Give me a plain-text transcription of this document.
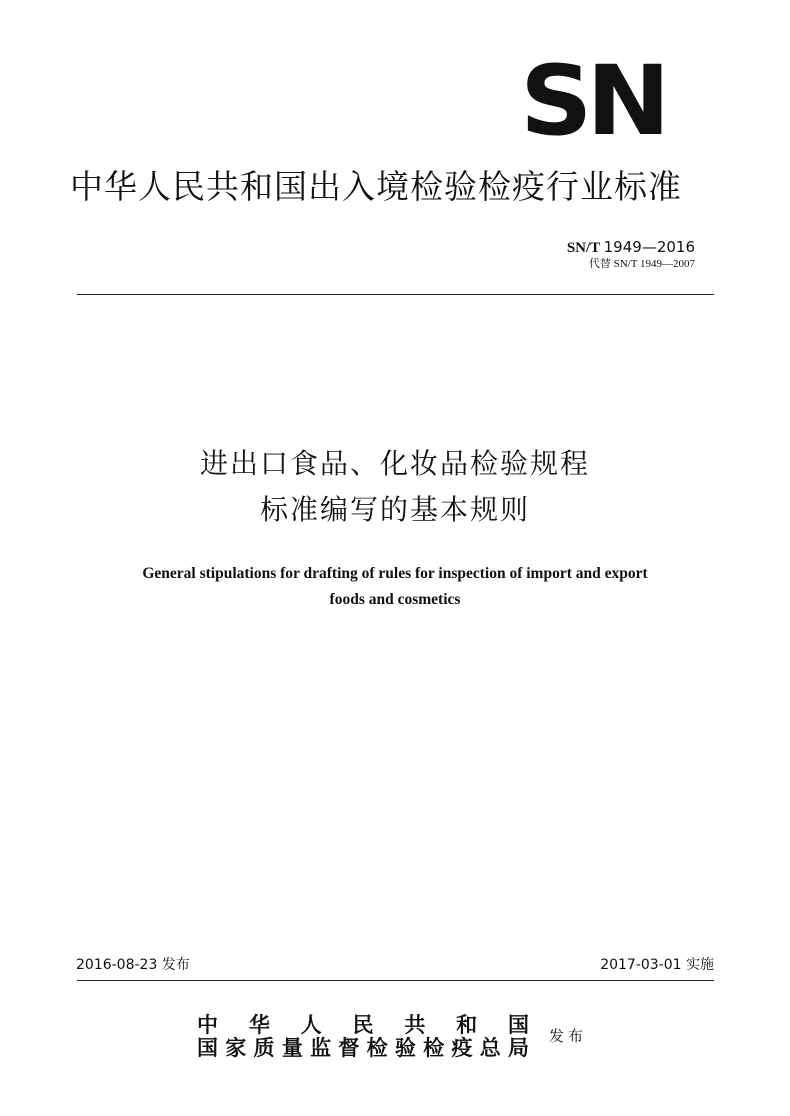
SN
中华人民共和国出入境检验检疫行业标准
SN/T 1949—2016
代替 SN/T 1949—2007
进出口食品、化妆品检验规程
标准编写的基本规则
General stipulations for drafting of rules for inspection of import and export
foods and cosmetics
2016-08-23 发布	2017-03-01 实施
中华人民共和国
国家质量监督检验检疫总局 发布
